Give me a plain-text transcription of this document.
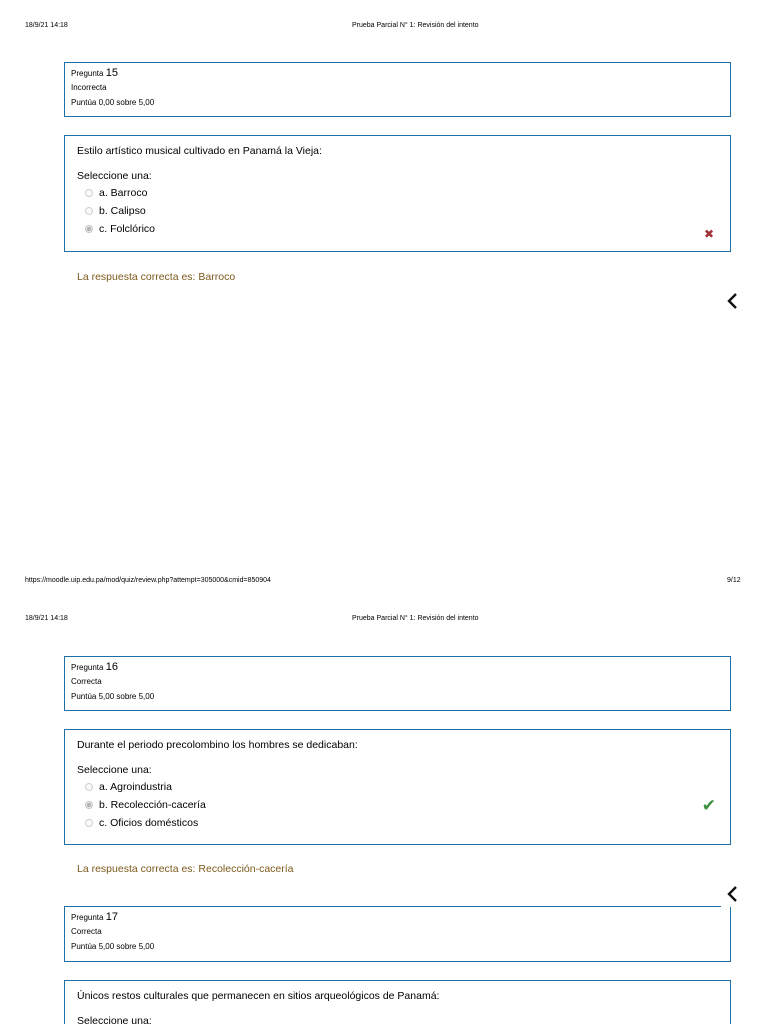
18/9/21 14:18	Prueba Parcial N° 1: Revisión del intento
Pregunta 15
Incorrecta
Puntúa 0,00 sobre 5,00
Estilo artístico musical cultivado en Panamá la Vieja:
Seleccione una:
a. Barroco
b. Calipso
c. Folclórico	✖
La respuesta correcta es: Barroco
https://moodle.uip.edu.pa/mod/quiz/review.php?attempt=305000&cmid=850904	9/12
18/9/21 14:18	Prueba Parcial N° 1: Revisión del intento
Pregunta 16
Correcta
Puntúa 5,00 sobre 5,00
Durante el periodo precolombino los hombres se dedicaban:
Seleccione una:
a. Agroindustria
b. Recolección-cacería
c. Oficios domésticos
✔
La respuesta correcta es: Recolección-cacería
Pregunta 17
Correcta
Puntúa 5,00 sobre 5,00
Únicos restos culturales que permanecen en sitios arqueológicos de Panamá:
Seleccione una:
